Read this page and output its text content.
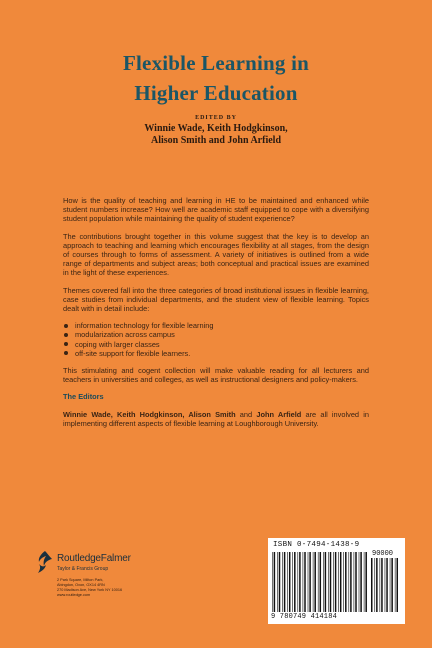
Flexible Learning in
Higher Education
EDITED BY
Winnie Wade, Keith Hodgkinson,
Alison Smith and John Arfield

How is the quality of teaching and learning in HE to be maintained and enhanced while student numbers increase? How well are academic staff equipped to cope with a diversifying student population while maintaining the quality of student experience?

The contributions brought together in this volume suggest that the key is to develop an approach to teaching and learning which encourages flexibility at all stages, from the design of courses through to forms of assessment. A variety of initiatives is outlined from a wide range of departments and subject areas; both conceptual and practical issues are examined in the light of these experiences.

Themes covered fall into the three categories of broad institutional issues in flexible learning, case studies from individual departments, and the student view of flexible learning. Topics dealt with in detail include:

information technology for flexible learning
modularization across campus
coping with larger classes
off-site support for flexible learners.

This stimulating and cogent collection will make valuable reading for all lecturers and teachers in universities and colleges, as well as instructional designers and policy-makers.

The Editors

Winnie Wade, Keith Hodgkinson, Alison Smith and John Arfield are all involved in implementing different aspects of flexible learning at Loughborough University.

RoutledgeFalmer
Taylor & Francis Group
2 Park Square, Milton Park,
Abingdon, Oxon, OX14 4RN
270 Madison Ave, New York NY 10016
www.routledge.com
ISBN 0-7494-1438-9
90000
9 780749 414184
